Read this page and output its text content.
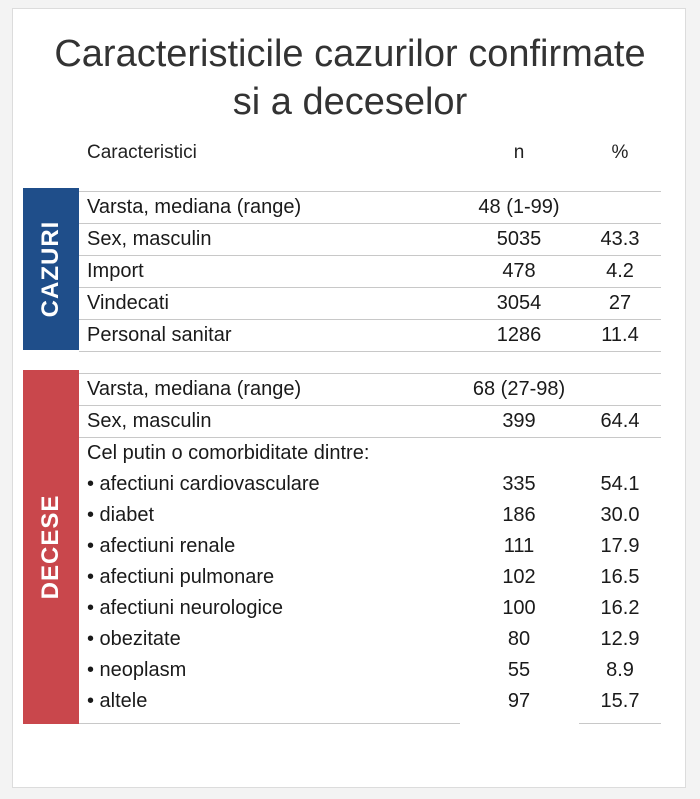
Caracteristicile cazurilor confirmate
si a deceselor
Caracteristici	n	%
CAZURI
Varsta, mediana (range)	48 (1-99)
Sex, masculin	5035	43.3
Import	478	4.2
Vindecati	3054	27
Personal sanitar	1286	11.4
DECESE
Varsta, mediana (range)	68 (27-98)
Sex, masculin	399	64.4
Cel putin o comorbiditate dintre:
• afectiuni cardiovasculare	335	54.1
• diabet	186	30.0
• afectiuni renale	111	17.9
• afectiuni pulmonare	102	16.5
• afectiuni neurologice	100	16.2
• obezitate	80	12.9
• neoplasm	55	8.9
• altele	97	15.7
